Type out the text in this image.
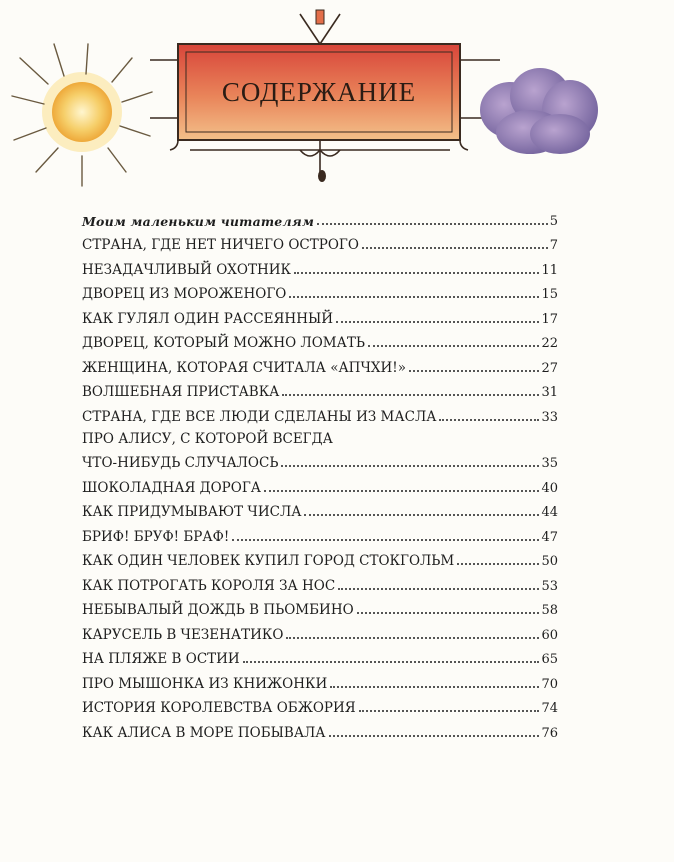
СОДЕРЖАНИЕ
Моим маленьким читателям	5
СТРАНА, ГДЕ НЕТ НИЧЕГО ОСТРОГО	7
НЕЗАДАЧЛИВЫЙ ОХОТНИК	11
ДВОРЕЦ ИЗ МОРОЖЕНОГО	15
КАК ГУЛЯЛ ОДИН РАССЕЯННЫЙ	17
ДВОРЕЦ, КОТОРЫЙ МОЖНО ЛОМАТЬ	22
ЖЕНЩИНА, КОТОРАЯ СЧИТАЛА «АПЧХИ!»	27
ВОЛШЕБНАЯ ПРИСТАВКА	31
СТРАНА, ГДЕ ВСЕ ЛЮДИ СДЕЛАНЫ ИЗ МАСЛА	33
ПРО АЛИСУ, С КОТОРОЙ ВСЕГДА
ЧТО-НИБУДЬ СЛУЧАЛОСЬ	35
ШОКОЛАДНАЯ ДОРОГА	40
КАК ПРИДУМЫВАЮТ ЧИСЛА	44
БРИФ! БРУФ! БРАФ!	47
КАК ОДИН ЧЕЛОВЕК КУПИЛ ГОРОД СТОКГОЛЬМ	50
КАК ПОТРОГАТЬ КОРОЛЯ ЗА НОС	53
НЕБЫВАЛЫЙ ДОЖДЬ В ПЬОМБИНО	58
КАРУСЕЛЬ В ЧЕЗЕНАТИКО	60
НА ПЛЯЖЕ В ОСТИИ	65
ПРО МЫШОНКА ИЗ КНИЖОНКИ	70
ИСТОРИЯ КОРОЛЕВСТВА ОБЖОРИЯ	74
КАК АЛИСА В МОРЕ ПОБЫВАЛА	76
